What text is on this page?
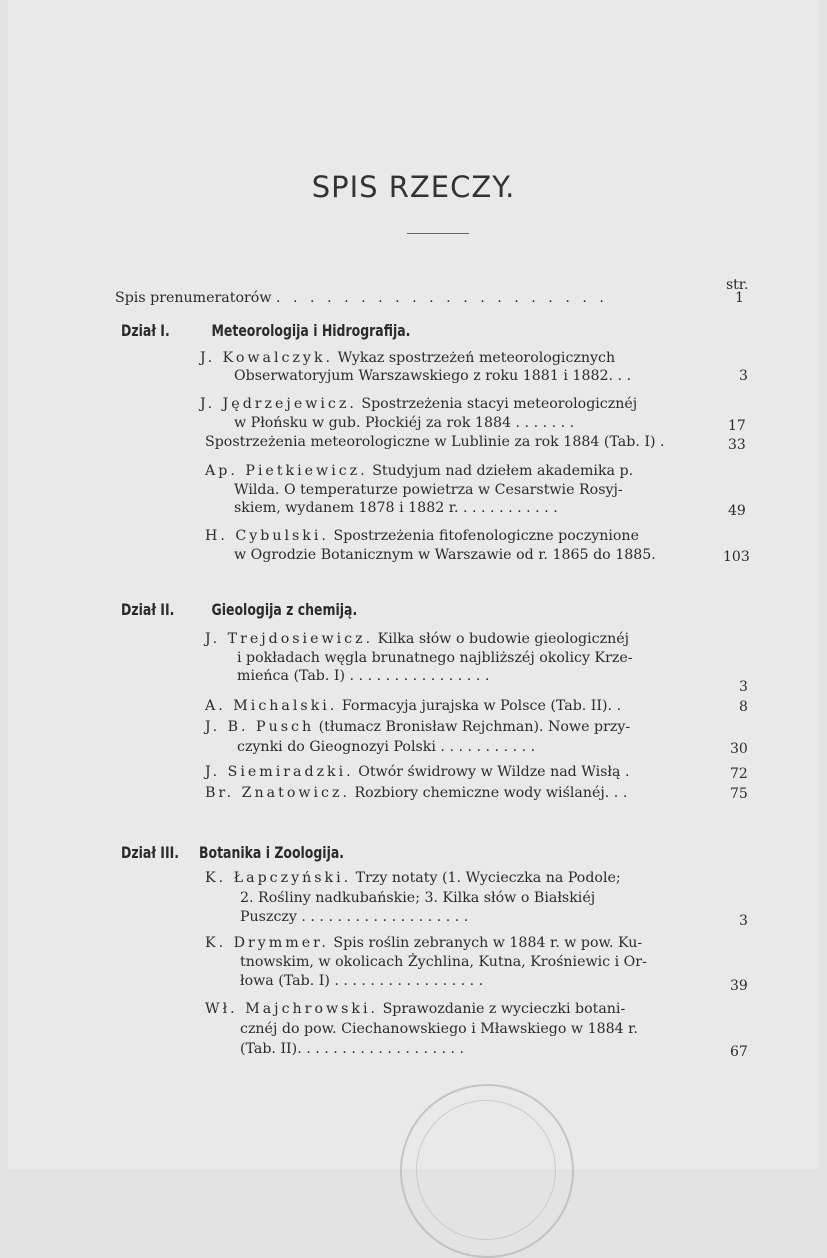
SPIS RZECZY.
str.
Spis prenumeratorów . . . . . . . . . . . . . . . . . . . .	1
Dział I.	Meteorologija i Hidrografija.
J. Kowalczyk. Wykaz spostrzeżeń meteorologicznych
Obserwatoryjum Warszawskiego z roku 1881 i 1882. . .	3
J. Jędrzejewicz. Spostrzeżenia stacyi meteorologicznéj
w Płońsku w gub. Płockiéj za rok 1884 . . . . . . .	17
Spostrzeżenia meteorologiczne w Lublinie za rok 1884 (Tab. I) .	33
Ap. Pietkiewicz. Studyjum nad dziełem akademika p.
Wilda. O temperaturze powietrza w Cesarstwie Rosyj-
skiem, wydanem 1878 i 1882 r. . . . . . . . . . . .	49
H. Cybulski. Spostrzeżenia fitofenologiczne poczynione
w Ogrodzie Botanicznym w Warszawie od r. 1865 do 1885.	103
Dział II. Gieologija z chemiją.
J. Trejdosiewicz. Kilka słów o budowie gieologicznéj
i pokładach węgla brunatnego najbliższéj okolicy Krze-
mieńca (Tab. I) . . . . . . . . . . . . . . . .
3
A. Michalski. Formacyja jurajska w Polsce (Tab. II). .	8
J. B. Pusch (tłumacz Bronisław Rejchman). Nowe przy-
czynki do Gieognozyi Polski . . . . . . . . . . .	30
J. Siemiradzki. Otwór świdrowy w Wildze nad Wisłą .	72
Br. Znatowicz. Rozbiory chemiczne wody wiślanéj. . .	75
Dział III. Botanika i Zoologija.
K. Łapczyński. Trzy notaty (1. Wycieczka na Podole;
2. Rośliny nadkubańskie; 3. Kilka słów o Białskiéj
Puszczy . . . . . . . . . . . . . . . . . . .	3
K. Drymmer. Spis roślin zebranych w 1884 r. w pow. Ku-
tnowskim, w okolicach Żychlina, Kutna, Krośniewic i Or-
łowa (Tab. I) . . . . . . . . . . . . . . . . .	39
Wł. Majchrowski. Sprawozdanie z wycieczki botani-
cznéj do pow. Ciechanowskiego i Mławskiego w 1884 r.
(Tab. II). . . . . . . . . . . . . . . . . . .	67
